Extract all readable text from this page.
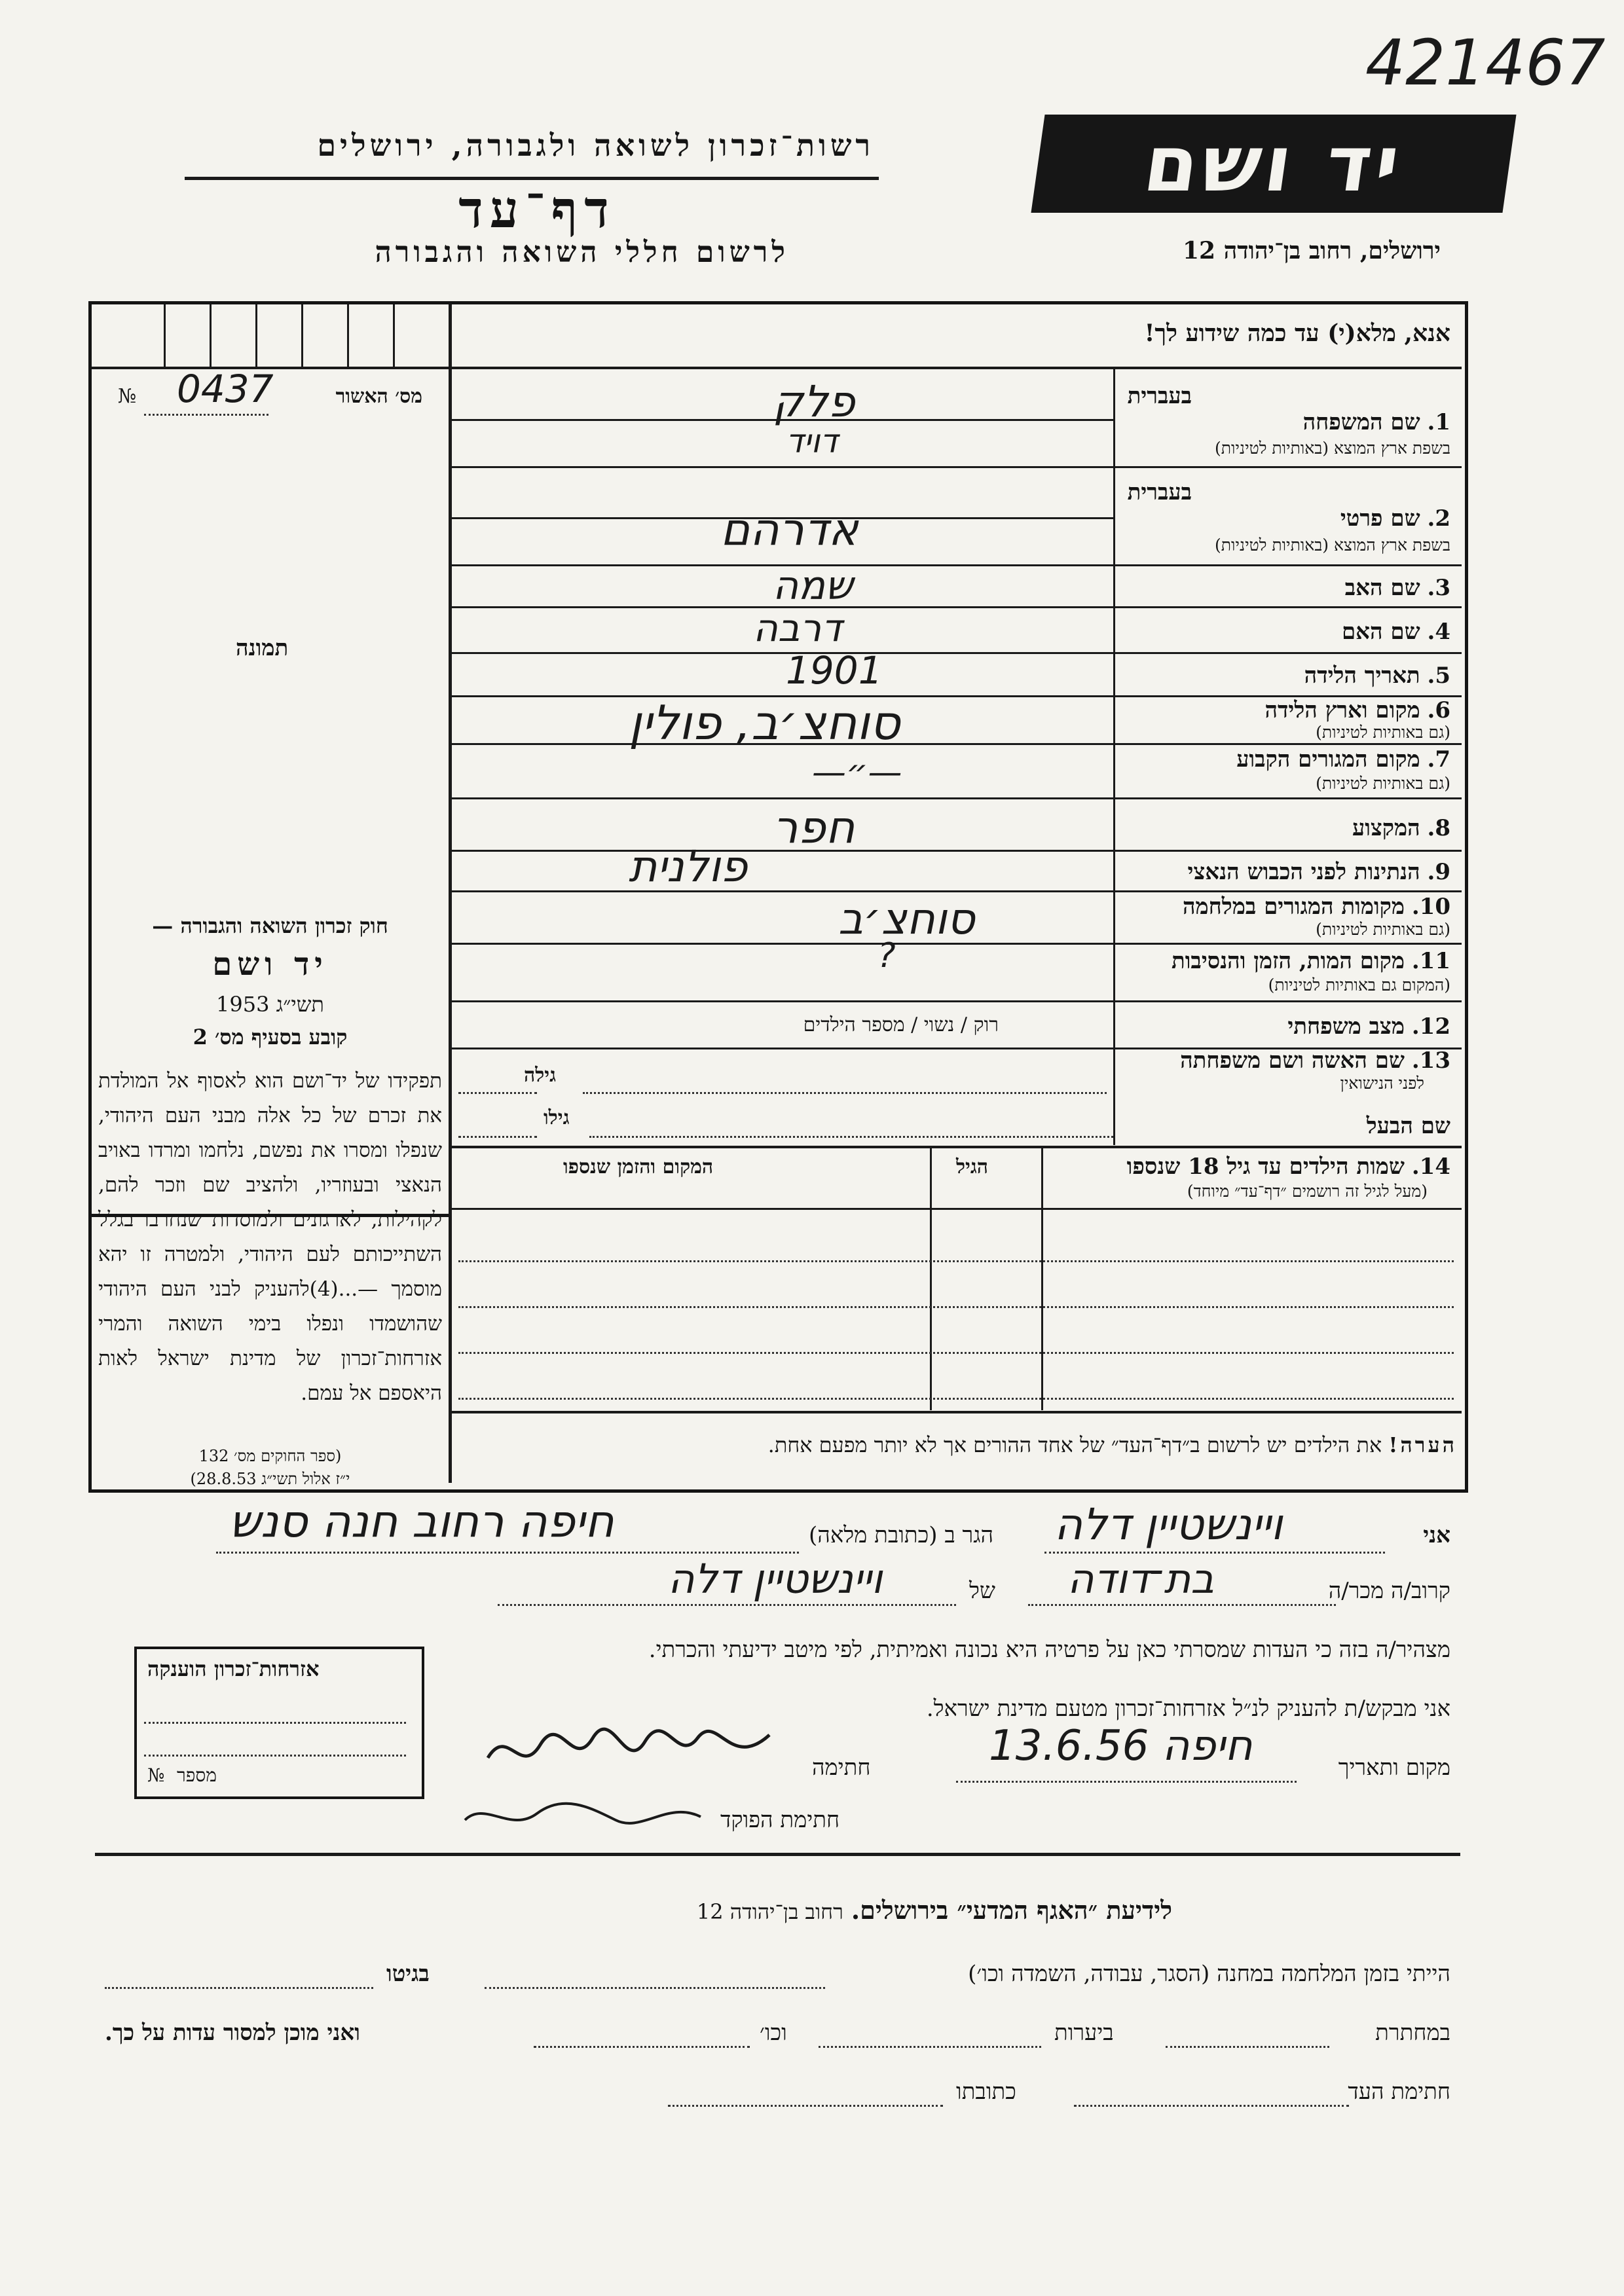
421467
יד ושם
רשות־זכרון לשואה ולגבורה, ירושלים
דף־עד
לרשום חללי השואה והגבורה	ירושלים, רחוב בן־יהודה 12
אנא, מלא(י) עד כמה שידוע לך!
מס׳ האשור
№ 0437
תמונה
חוק זכרון השואה והגבורה —
יד ושם
תשי״ג 1953
קובע בסעיף מס׳ 2
תפקידו של יד־ושם הוא לאסוף אל המולדת את זכרם של כל אלה מבני העם היהודי, שנפלו ומסרו את נפשם, נלחמו ומרדו באויב הנאצי ובעוזריו, ולהציב שם וזכר להם, לקהילות, לארגונים ולמוסדות שנחרבו בגלל השתייכותם לעם היהודי, ולמטרה זו יהא מוסמך —...(4)להעניק לבני העם היהודי שהושמדו ונפלו בימי השואה והמרי אזרחות־זכרון של מדינת ישראל לאות היאספם אל עמם.
(ספר החוקים מס׳ 132
י״ז אלול תשי״ג 28.8.53)
בעברית
1. שם המשפחה
בשפת ארץ המוצא (באותיות לטיניות)
בעברית
2. שם פרטי
בשפת ארץ המוצא (באותיות לטיניות)
3. שם האב
4. שם האם
5. תאריך הלידה
6. מקום וארץ הלידה
(גם באותיות לטיניות)
7. מקום המגורים הקבוע
(גם באותיות לטיניות)
8. המקצוע
9. הנתינות לפני הכבוש הנאצי
10. מקומות המגורים במלחמה
(גם באותיות לטיניות)
11. מקום המות, הזמן והנסיבות
(המקום גם באותיות לטיניות)
12. מצב משפחתי
רוק / נשוי / מספר הילדים
13. שם האשה ושם משפחתה
לפני הנישואין
שם הבעל
גילה
גילו
פלק
דויד
אדרהם
שמה
דרבה
1901
סוחצ׳ב, פולין
—״—
חפר
פולנית
סוחצ׳ב
?
14. שמות הילדים עד גיל 18 שנספו
(מעל לגיל זה רושמים ״דף־עד״ מיוחד)
הגיל
המקום והזמן שנספו
הערה! את הילדים יש לרשום ב״דף־העד״ של אחד ההורים אך לא יותר מפעם אחת.
אני
ויינשטיין דלה
הגר ב (כתובת מלאה)
חיפה רחוב חנה סנש
קרוב/ה מכר/ה
בת־דודה
של
ויינשטיין דלה
מצהיר/ה בזה כי העדות שמסרתי כאן על פרטיה היא נכונה ואמיתית, לפי מיטב ידיעתי והכרתי.
אני מבקש/ת להעניק לנ״ל אזרחות־זכרון מטעם מדינת ישראל.
מקום ותאריך
חיפה 13.6.56
חתימה
חתימת הפוקד
אזרחות־זכרון הוענקה
מספר
№
לידיעת ״האגף המדעי״ בירושלים. רחוב בן־יהודה 12
הייתי בזמן המלחמה במחנה (הסגר, עבודה, השמדה וכו׳)
בגיטו
במחתרת
ביערות
וכו׳
ואני מוכן למסור עדות על כך.
חתימת העד
כתובתו
